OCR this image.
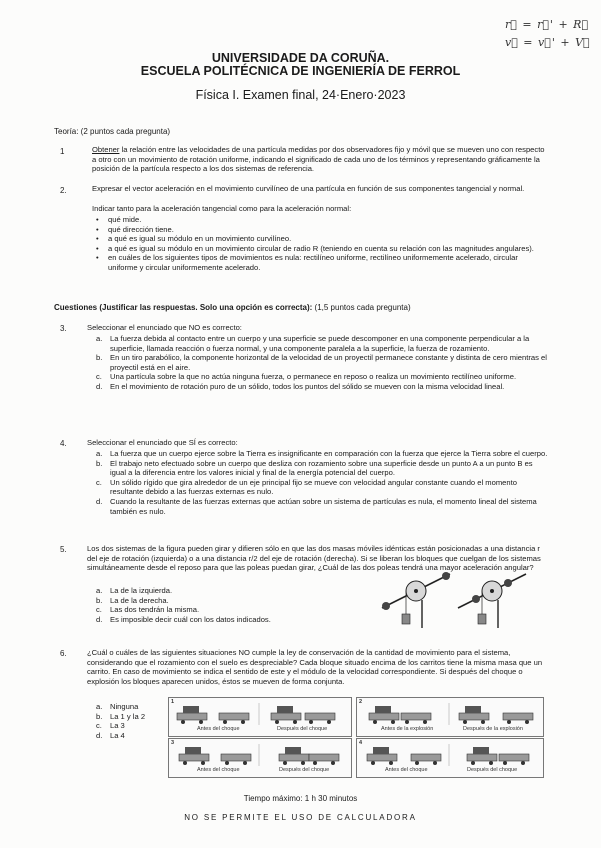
r⃗ = r⃗' + R⃗
v⃗ = v⃗' + V⃗
UNIVERSIDADE DA CORUÑA.
ESCUELA POLITÉCNICA DE INGENIERÍA DE FERROL
Física I. Examen final, 24·Enero·2023
Teoría: (2 puntos cada pregunta)
1	Obtener la relación entre las velocidades de una partícula medidas por dos observadores fijo y móvil que se mueven uno con respecto a otro con un movimiento de rotación uniforme, indicando el significado de cada uno de los términos y representando gráficamente la posición de la partícula respecto a los dos sistemas de referencia.
2.	Expresar el vector aceleración en el movimiento curvilíneo de una partícula en función de sus componentes tangencial y normal.
Indicar tanto para la aceleración tangencial como para la aceleración normal:
•	qué mide.
•	qué dirección tiene.
•	a qué es igual su módulo en un movimiento curvilíneo.
•	a qué es igual su módulo en un movimiento circular de radio R (teniendo en cuenta su relación con las magnitudes angulares).
•	en cuáles de los siguientes tipos de movimientos es nula: rectilíneo uniforme, rectilíneo uniformemente acelerado, circular uniforme y circular uniformemente acelerado.
Cuestiones (Justificar las respuestas. Solo una opción es correcta): (1,5 puntos cada pregunta)
3.	Seleccionar el enunciado que NO es correcto:
a.	La fuerza debida al contacto entre un cuerpo y una superficie se puede descomponer en una componente perpendicular a la superficie, llamada reacción o fuerza normal, y una componente paralela a la superficie, la fuerza de rozamiento.
b.	En un tiro parabólico, la componente horizontal de la velocidad de un proyectil permanece constante y distinta de cero mientras el proyectil está en el aire.
c.	Una partícula sobre la que no actúa ninguna fuerza, o permanece en reposo o realiza un movimiento rectilíneo uniforme.
d.	En el movimiento de rotación puro de un sólido, todos los puntos del sólido se mueven con la misma velocidad lineal.
4.	Seleccionar el enunciado que SÍ es correcto:
a.	La fuerza que un cuerpo ejerce sobre la Tierra es insignificante en comparación con la fuerza que ejerce la Tierra sobre el cuerpo.
b.	El trabajo neto efectuado sobre un cuerpo que desliza con rozamiento sobre una superficie desde un punto A a un punto B es igual a la diferencia entre los valores inicial y final de la energía potencial del cuerpo.
c.	Un sólido rígido que gira alrededor de un eje principal fijo se mueve con velocidad angular constante cuando el momento resultante debido a las fuerzas externas es nulo.
d.	Cuando la resultante de las fuerzas externas que actúan sobre un sistema de partículas es nula, el momento lineal del sistema también es nulo.
5.	Los dos sistemas de la figura pueden girar y difieren sólo en que las dos masas móviles idénticas están posicionadas a una distancia r del eje de rotación (izquierda) o a una distancia r/2 del eje de rotación (derecha). Si se liberan los bloques que cuelgan de los sistemas simultáneamente desde el reposo para que las poleas puedan girar, ¿Cuál de las dos poleas tendrá una mayor aceleración angular?
a.	La de la izquierda.
b.	La de la derecha.
c.	Las dos tendrán la misma.
d.	Es imposible decir cuál con los datos indicados.
6.	¿Cuál o cuáles de las siguientes situaciones NO cumple la ley de conservación de la cantidad de movimiento para el sistema, considerando que el rozamiento con el suelo es despreciable? Cada bloque situado encima de los carritos tiene la misma masa que un carrito. En caso de movimiento se indica el sentido de este y el módulo de la velocidad correspondiente. Si después del choque o explosión los bloques aparecen unidos, éstos se mueven de forma conjunta.
a.	Ninguna
b.	La 1 y la 2
c.	La 3
d.	La 4
1
Antes del choque	Después del choque
2
Antes de la explosión	Después de la explosión
3
Antes del choque	Después del choque
4
Antes del choque	Después del choque
Tiempo máximo: 1 h 30 minutos
NO SE PERMITE EL USO DE CALCULADORA
